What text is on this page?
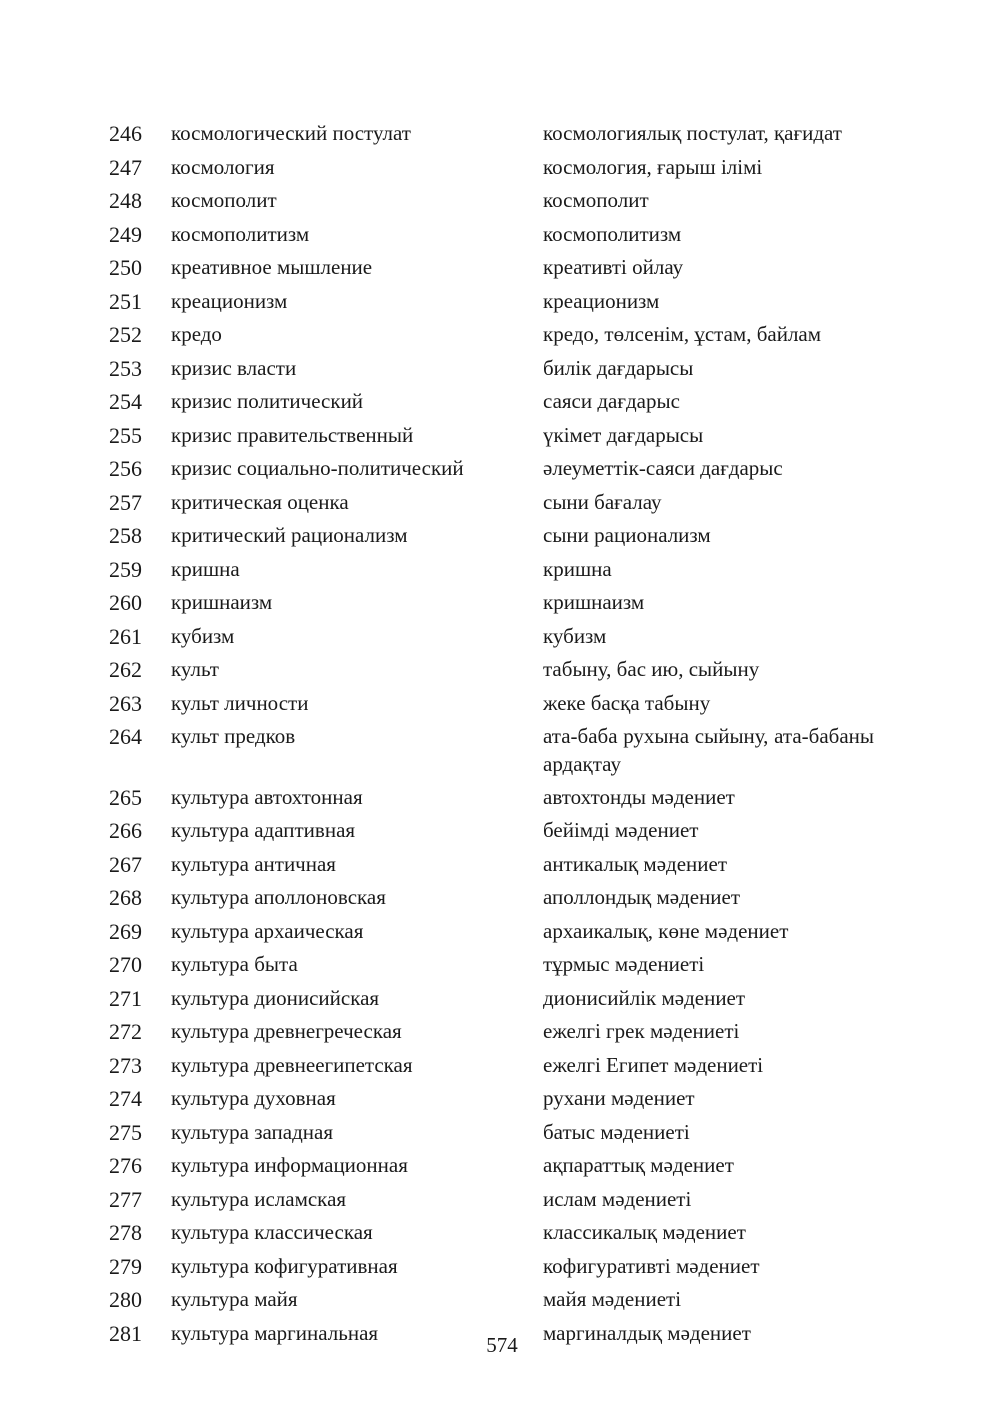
246 космологический постулат	космологиялық постулат, қағидат
247 космология	космология, ғарыш ілімі
248 космополит	космополит
249 космополитизм	космополитизм
250 креативное мышление	креативті ойлау
251 креационизм	креационизм
252 кредо	кредо, төлсенім, ұстам, байлам
253 кризис власти	билік дағдарысы
254 кризис политический	саяси дағдарыс
255 кризис правительственный	үкімет дағдарысы
256 кризис социально-политический	әлеуметтік-саяси дағдарыс
257 критическая оценка	сыни бағалау
258 критический рационализм	сыни рационализм
259 кришна	кришна
260 кришнаизм	кришнаизм
261 кубизм	кубизм
262 культ	табыну, бас ию, сыйыну
263 культ личности	жеке басқа табыну
264 культ предков	ата-баба рухына сыйыну, ата-бабаны ардақтау
265 культура автохтонная	автохтонды мәдениет
266 культура адаптивная	бейімді мәдениет
267 культура античная	антикалық мәдениет
268 культура аполлоновская	аполлондық мәдениет
269 культура архаическая	архаикалық, көне мәдениет
270 культура быта	тұрмыс мәдениеті
271 культура дионисийская	дионисийлік мәдениет
272 культура древнегреческая	ежелгі грек мәдениеті
273 культура древнеегипетская	ежелгі Египет мәдениеті
274 культура духовная	рухани мәдениет
275 культура западная	батыс мәдениеті
276 культура информационная	ақпараттық мәдениет
277 культура исламская	ислам мәдениеті
278 культура классическая	классикалық мәдениет
279 культура кофигуративная	кофигуративті мәдениет
280 культура майя	майя мәдениеті
281 культура маргинальная	маргиналдық мәдениет
574
